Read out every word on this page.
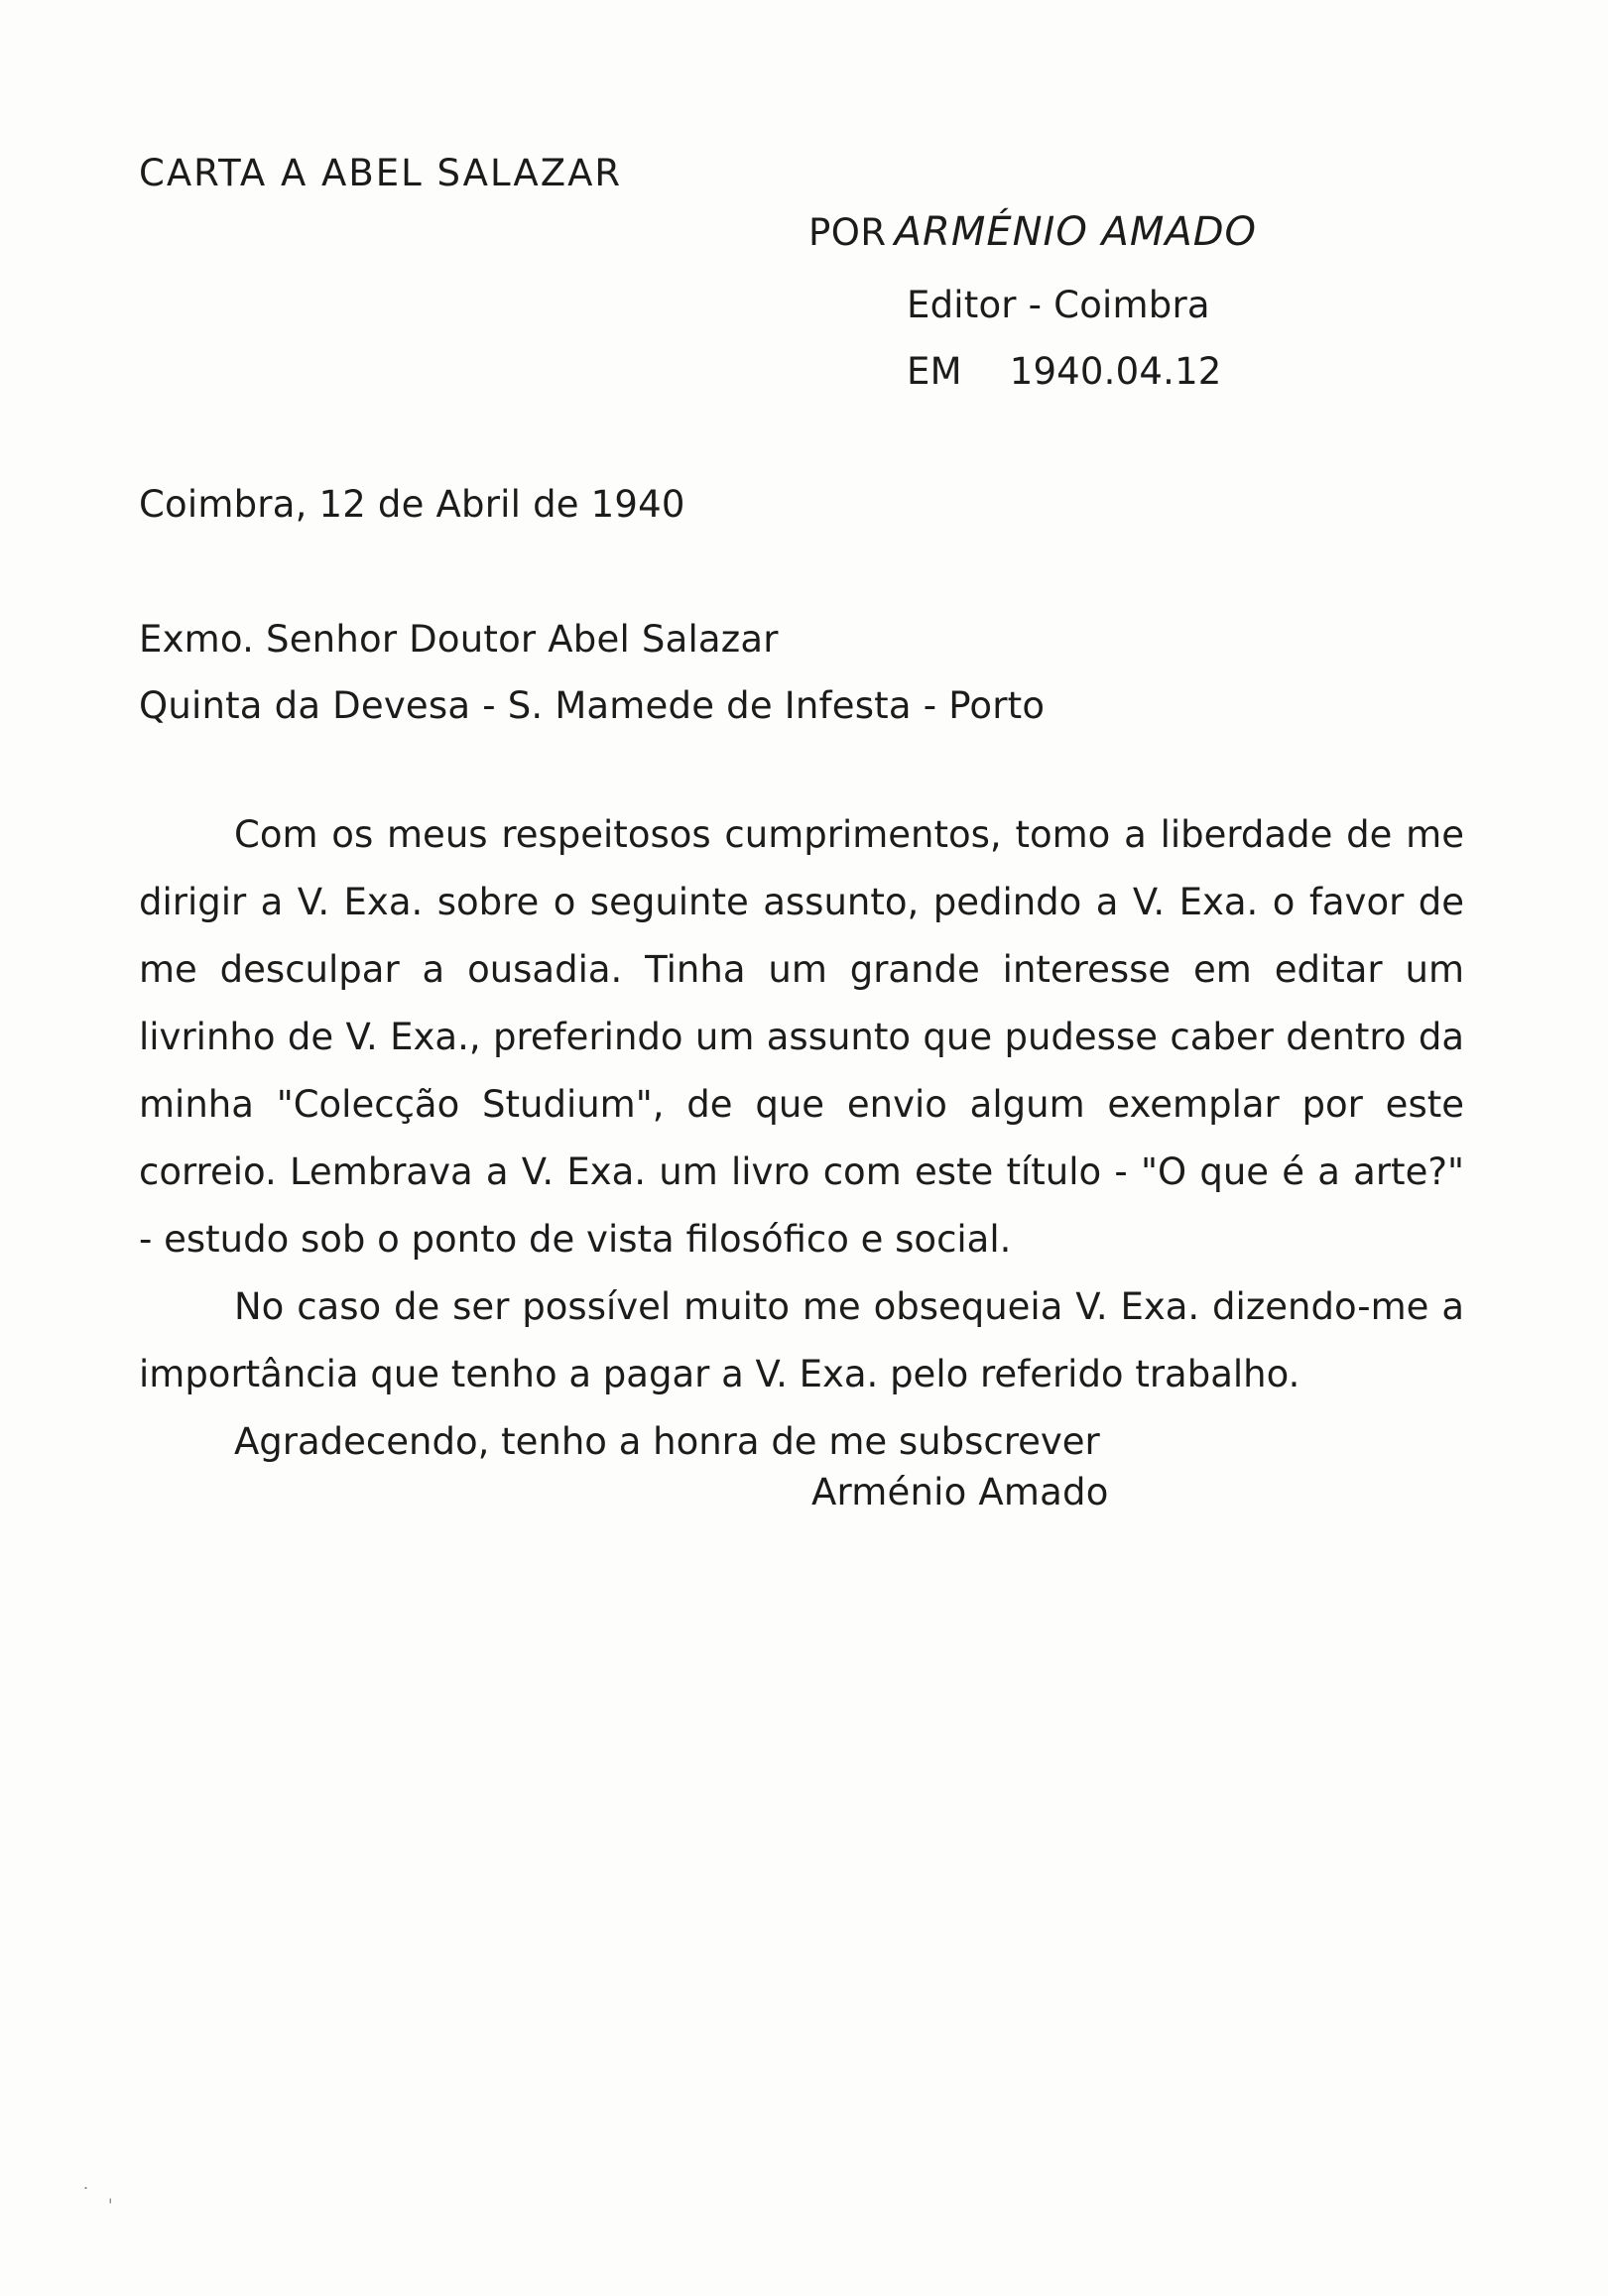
CARTA A ABEL SALAZAR
POR ARMÉNIO AMADO
Editor - Coimbra
EM 1940.04.12
Coimbra, 12 de Abril de 1940
Exmo. Senhor Doutor Abel Salazar
Quinta da Devesa - S. Mamede de Infesta - Porto

Com os meus respeitosos cumprimentos, tomo a liberdade de me dirigir a V. Exa. sobre o seguinte assunto, pedindo a V. Exa. o favor de me desculpar a ousadia. Tinha um grande interesse em editar um livrinho de V. Exa., preferindo um assunto que pudesse caber dentro da minha "Colecção Studium", de que envio algum exemplar por este correio. Lembrava a V. Exa. um livro com este título - "O que é a arte?" - estudo sob o ponto de vista filosófico e social.

No caso de ser possível muito me obsequeia V. Exa. dizendo-me a importância que tenho a pagar a V. Exa. pelo referido trabalho.

Agradecendo, tenho a honra de me subscrever

Arménio Amado
˙ ˌ
